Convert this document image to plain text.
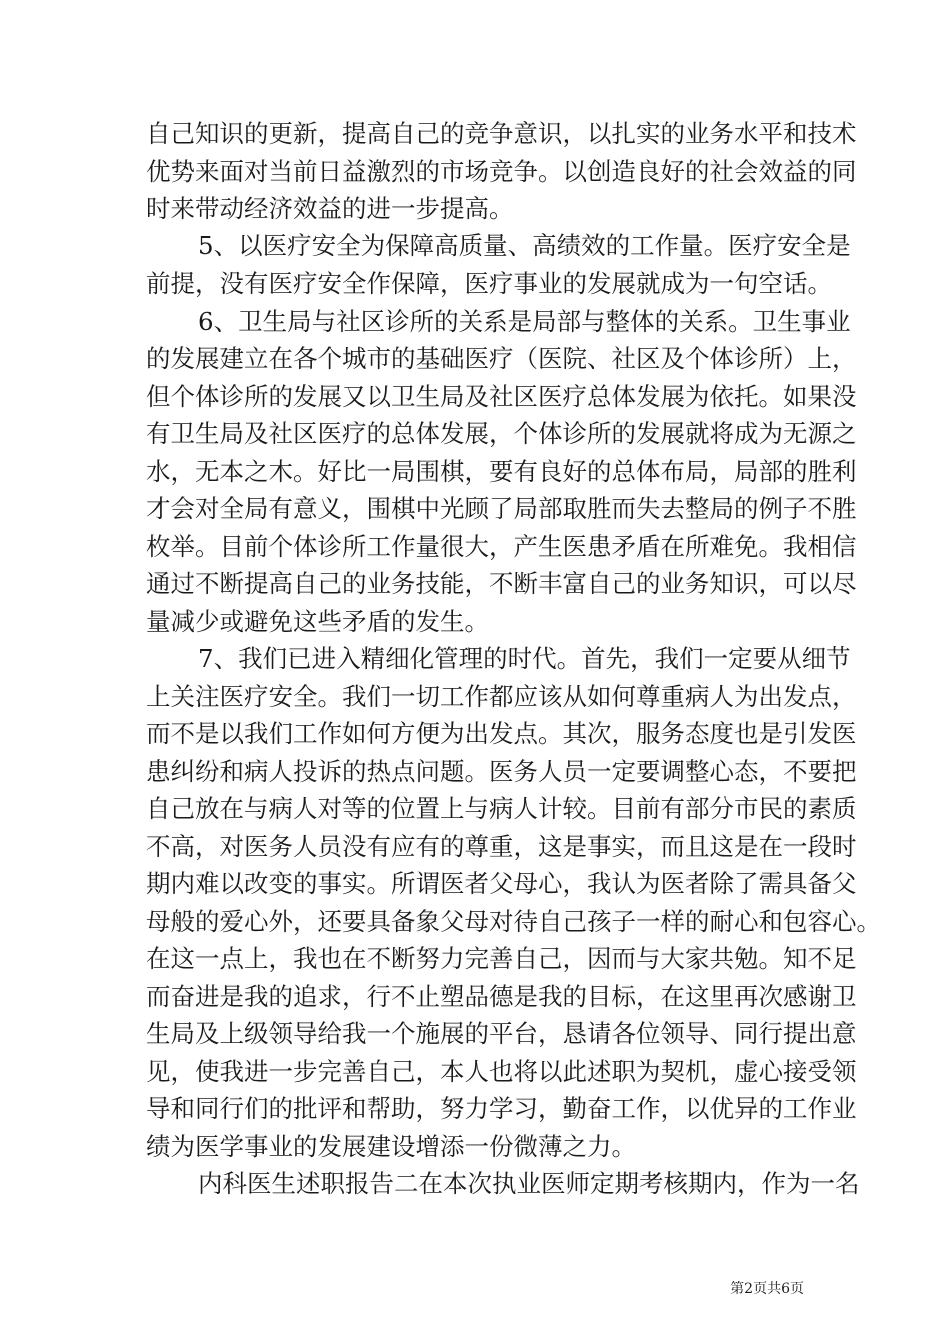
自己知识的更新，提高自己的竞争意识，以扎实的业务水平和技术
优势来面对当前日益激烈的市场竞争。以创造良好的社会效益的同
时来带动经济效益的进一步提高。
5、以医疗安全为保障高质量、高绩效的工作量。医疗安全是
前提，没有医疗安全作保障，医疗事业的发展就成为一句空话。
6、卫生局与社区诊所的关系是局部与整体的关系。卫生事业
的发展建立在各个城市的基础医疗（医院、社区及个体诊所）上，
但个体诊所的发展又以卫生局及社区医疗总体发展为依托。如果没
有卫生局及社区医疗的总体发展，个体诊所的发展就将成为无源之
水，无本之木。好比一局围棋，要有良好的总体布局，局部的胜利
才会对全局有意义，围棋中光顾了局部取胜而失去整局的例子不胜
枚举。目前个体诊所工作量很大，产生医患矛盾在所难免。我相信
通过不断提高自己的业务技能，不断丰富自己的业务知识，可以尽
量减少或避免这些矛盾的发生。
7、我们已进入精细化管理的时代。首先，我们一定要从细节
上关注医疗安全。我们一切工作都应该从如何尊重病人为出发点，
而不是以我们工作如何方便为出发点。其次，服务态度也是引发医
患纠纷和病人投诉的热点问题。医务人员一定要调整心态，不要把
自己放在与病人对等的位置上与病人计较。目前有部分市民的素质
不高，对医务人员没有应有的尊重，这是事实，而且这是在一段时
期内难以改变的事实。所谓医者父母心，我认为医者除了需具备父
母般的爱心外，还要具备象父母对待自己孩子一样的耐心和包容心。
在这一点上，我也在不断努力完善自己，因而与大家共勉。知不足
而奋进是我的追求，行不止塑品德是我的目标，在这里再次感谢卫
生局及上级领导给我一个施展的平台，恳请各位领导、同行提出意
见，使我进一步完善自己，本人也将以此述职为契机，虚心接受领
导和同行们的批评和帮助，努力学习，勤奋工作，以优异的工作业
绩为医学事业的发展建设增添一份微薄之力。
内科医生述职报告二在本次执业医师定期考核期内，作为一名
第2页共6页
